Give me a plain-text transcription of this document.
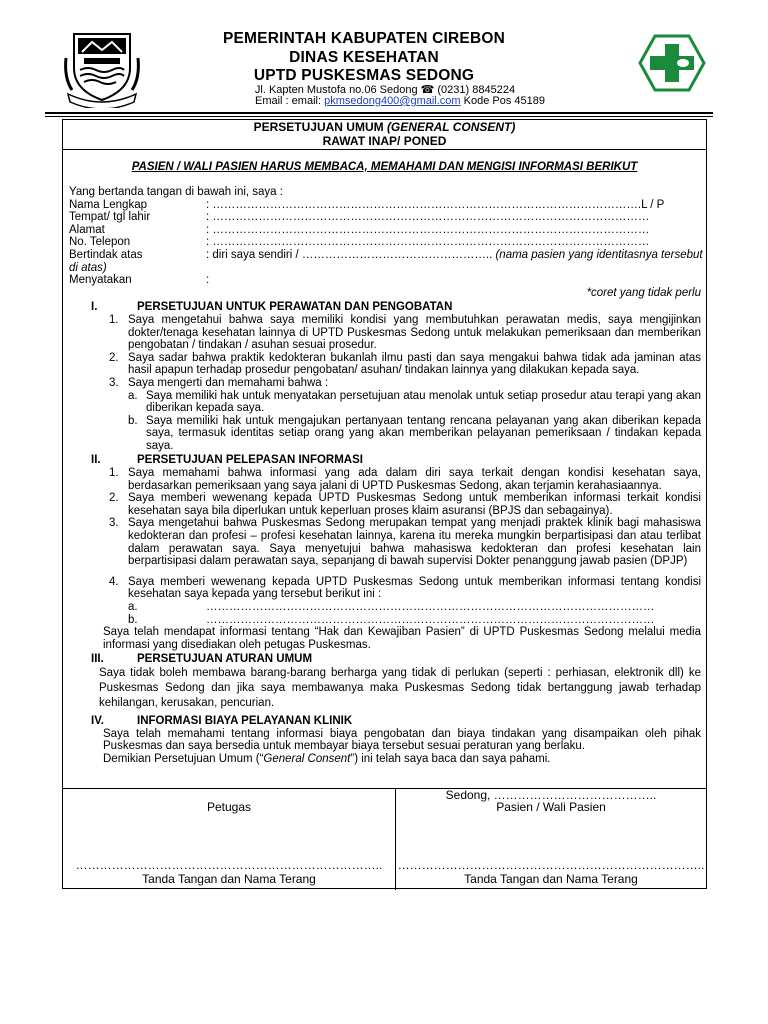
PEMERINTAH KABUPATEN CIREBON
DINAS KESEHATAN
UPTD PUSKESMAS SEDONG
Jl. Kapten Mustofa no.06 Sedong ☎ (0231) 8845224
Email : email: pkmsedong400@gmail.com Kode Pos 45189
PERSETUJUAN UMUM (GENERAL CONSENT)
RAWAT INAP/ PONED
PASIEN / WALI PASIEN HARUS MEMBACA, MEMAHAMI DAN MENGISI INFORMASI BERIKUT
Yang bertanda tangan di bawah ini, saya :
Nama Lengkap	: ………………………………………………………………………………………………….L / P
Tempat/ tgl lahir	: ……………………………………………………………………………………………………
Alamat	: ……………………………………………………………………………………………………
No. Telepon	: ……………………………………………………………………………………………………
Bertindak atas	: diri saya sendiri / ………………………………………….. (nama pasien yang identitasnya tersebut
di atas)
Menyatakan	:
*coret yang tidak perlu
I.	PERSETUJUAN UNTUK PERAWATAN DAN PENGOBATAN
1. Saya mengetahui bahwa saya memiliki kondisi yang membutuhkan perawatan medis, saya mengijinkan dokter/tenaga kesehatan lainnya di UPTD Puskesmas Sedong untuk melakukan pemeriksaan dan memberikan pengobatan / tindakan / asuhan sesuai prosedur.
2. Saya sadar bahwa praktik kedokteran bukanlah ilmu pasti dan saya mengakui bahwa tidak ada jaminan atas hasil apapun terhadap prosedur pengobatan/ asuhan/ tindakan lainnya yang dilakukan kepada saya.
3. Saya mengerti dan memahami bahwa :
a. Saya memiliki hak untuk menyatakan persetujuan atau menolak untuk setiap prosedur atau terapi yang akan diberikan kepada saya.
b. Saya memiliki hak untuk mengajukan pertanyaan tentang rencana pelayanan yang akan diberikan kepada saya, termasuk identitas setiap orang yang akan memberikan pelayanan pemeriksaan / tindakan kepada saya.
II.	PERSETUJUAN PELEPASAN INFORMASI
1. Saya memahami bahwa informasi yang ada dalam diri saya terkait dengan kondisi kesehatan saya, berdasarkan pemeriksaan yang saya jalani di UPTD Puskesmas Sedong, akan terjamin kerahasiaannya.
2. Saya memberi wewenang kepada UPTD Puskesmas Sedong untuk memberikan informasi terkait kondisi kesehatan saya bila diperlukan untuk keperluan proses klaim asuransi (BPJS dan sebagainya).
3. Saya mengetahui bahwa Puskesmas Sedong merupakan tempat yang menjadi praktek klinik bagi mahasiswa kedokteran dan profesi – profesi kesehatan lainnya, karena itu mereka mungkin berpartisipasi dan atau terlibat dalam perawatan saya. Saya menyetujui bahwa mahasiswa kedokteran dan profesi kesehatan lain berpartisipasi dalam perawatan saya, sepanjang di bawah supervisi Dokter penanggung jawab pasien (DPJP)
4. Saya memberi wewenang kepada UPTD Puskesmas Sedong untuk memberikan informasi tentang kondisi kesehatan saya kepada yang tersebut berikut ini :
a.	………………………………………………………………………………………………………
b.	………………………………………………………………………………………………………
Saya telah mendapat informasi tentang “Hak dan Kewajiban Pasien” di UPTD Puskesmas Sedong melalui media informasi yang disediakan oleh petugas Puskesmas.
III.	PERSETUJUAN ATURAN UMUM
Saya tidak boleh membawa barang-barang berharga yang tidak di perlukan (seperti : perhiasan, elektronik dll) ke Puskesmas Sedong dan jika saya membawanya maka Puskesmas Sedong tidak bertanggung jawab terhadap kehilangan, kerusakan, pencurian.
IV.	INFORMASI BIAYA PELAYANAN KLINIK
Saya telah memahami tentang informasi biaya pengobatan dan biaya tindakan yang disampaikan oleh pihak Puskesmas dan saya bersedia untuk membayar biaya tersebut sesuai peraturan yang berlaku.
Demikian Persetujuan Umum (“General Consent”) ini telah saya baca dan saya pahami.
Petugas
…………………………………………………………………..
Tanda Tangan dan Nama Terang
Sedong, …………………………………..
Pasien / Wali Pasien
…………………………………………………………………..
Tanda Tangan dan Nama Terang
